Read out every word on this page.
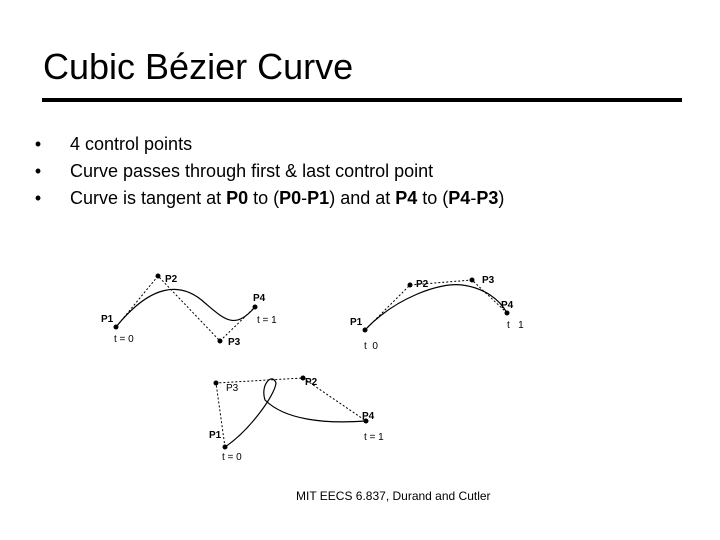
Cubic Bézier Curve
•	4 control points
•	Curve passes through first & last control point
•	Curve is tangent at P0 to (P0-P1) and at P4 to (P4-P3)
P2
P4
P1	t = 1
t = 0	P3
P3
P2
P4
P1	t   1
t  0
P3
P2
P4
t = 1
P1
t = 0
MIT EECS 6.837, Durand and Cutler
